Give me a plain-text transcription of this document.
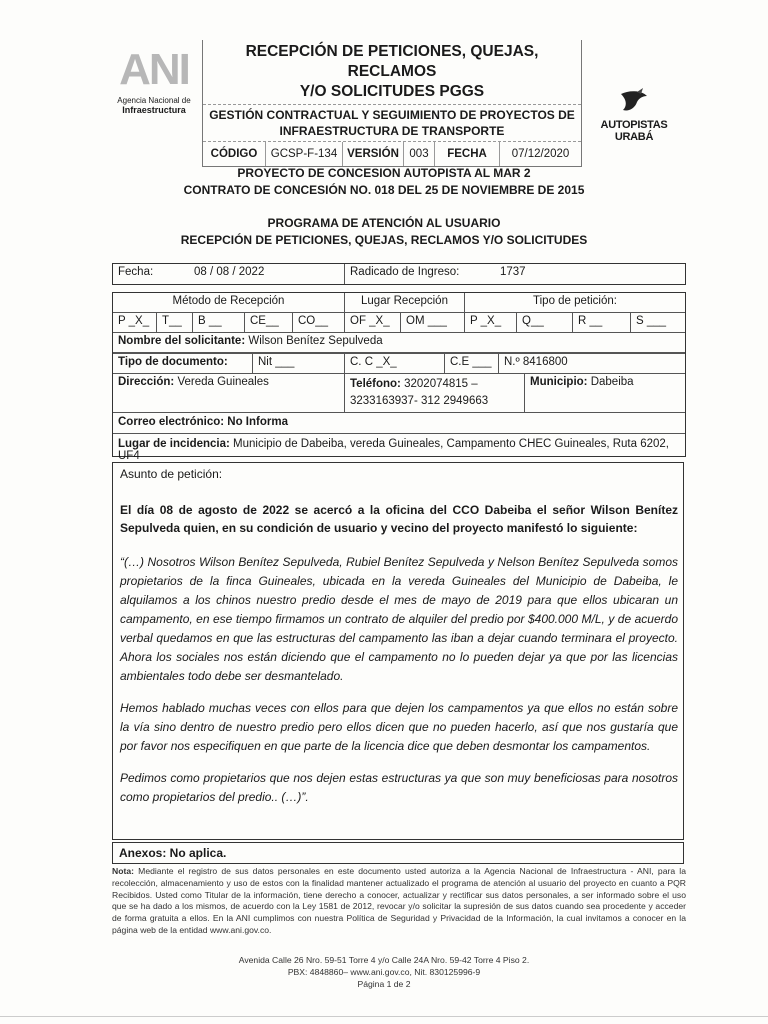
ANI
Agencia Nacional de
Infraestructura
AUTOPISTAS URABÁ
RECEPCIÓN DE PETICIONES, QUEJAS, RECLAMOS
Y/O SOLICITUDES PGGS
GESTIÓN CONTRACTUAL Y SEGUIMIENTO DE PROYECTOS DE
INFRAESTRUCTURA DE TRANSPORTE
CÓDIGO	GCSP-F-134 VERSIÓN 003	FECHA	07/12/2020
PROYECTO DE CONCESION AUTOPISTA AL MAR 2
CONTRATO DE CONCESIÓN NO. 018 DEL 25 DE NOVIEMBRE DE 2015
PROGRAMA DE ATENCIÓN AL USUARIO
RECEPCIÓN DE PETICIONES, QUEJAS, RECLAMOS Y/O SOLICITUDES
Fecha:	08 / 08 / 2022	Radicado de Ingreso:	1737
Método de Recepción	Lugar Recepción	Tipo de petición:
P _X_	T__	B __	CE__	CO__	OF _X_	OM ___	P _X_	Q__	R __	S ___
Nombre del solicitante: Wilson Benítez Sepulveda
Tipo de documento:	Nit ___	C. C _X_	C.E ___	N.º 8416800
Dirección: Vereda Guineales	Teléfono: 3202074815 –
3233163937- 312 2949663
Municipio: Dabeiba
Correo electrónico: No Informa
Lugar de incidencia: Municipio de Dabeiba, vereda Guineales, Campamento CHEC Guineales, Ruta 6202, UF4
Asunto de petición:
El día 08 de agosto de 2022 se acercó a la oficina del CCO Dabeiba el señor Wilson Benítez Sepulveda quien, en su condición de usuario y vecino del proyecto manifestó lo siguiente:
“(…) Nosotros Wilson Benítez Sepulveda, Rubiel Benítez Sepulveda y Nelson Benítez Sepulveda somos propietarios de la finca Guineales, ubicada en la vereda Guineales del Municipio de Dabeiba, le alquilamos a los chinos nuestro predio desde el mes de mayo de 2019 para que ellos ubicaran un campamento, en ese tiempo firmamos un contrato de alquiler del predio por $400.000 M/L, y de acuerdo verbal quedamos en que las estructuras del campamento las iban a dejar cuando terminara el proyecto. Ahora los sociales nos están diciendo que el campamento no lo pueden dejar ya que por las licencias ambientales todo debe ser desmantelado.
Hemos hablado muchas veces con ellos para que dejen los campamentos ya que ellos no están sobre la vía sino dentro de nuestro predio pero ellos dicen que no pueden hacerlo, así que nos gustaría que por favor nos especifiquen en que parte de la licencia dice que deben desmontar los campamentos.
Pedimos como propietarios que nos dejen estas estructuras ya que son muy beneficiosas para nosotros como propietarios del predio.. (…)”.
Anexos: No aplica.
Nota: Mediante el registro de sus datos personales en este documento usted autoriza a la Agencia Nacional de Infraestructura - ANI, para la recolección, almacenamiento y uso de estos con la finalidad mantener actualizado el programa de atención al usuario del proyecto en cuanto a PQR Recibidos. Usted como Titular de la información, tiene derecho a conocer, actualizar y rectificar sus datos personales, a ser informado sobre el uso que se ha dado a los mismos, de acuerdo con la Ley 1581 de 2012, revocar y/o solicitar la supresión de sus datos cuando sea procedente y acceder de forma gratuita a ellos. En la ANI cumplimos con nuestra Política de Seguridad y Privacidad de la Información, la cual invitamos a conocer en la página web de la entidad www.ani.gov.co.
Avenida Calle 26 Nro. 59-51 Torre 4 y/o Calle 24A Nro. 59-42 Torre 4 Piso 2.
PBX: 4848860– www.ani.gov.co, Nit. 830125996-9
Página 1 de 2
